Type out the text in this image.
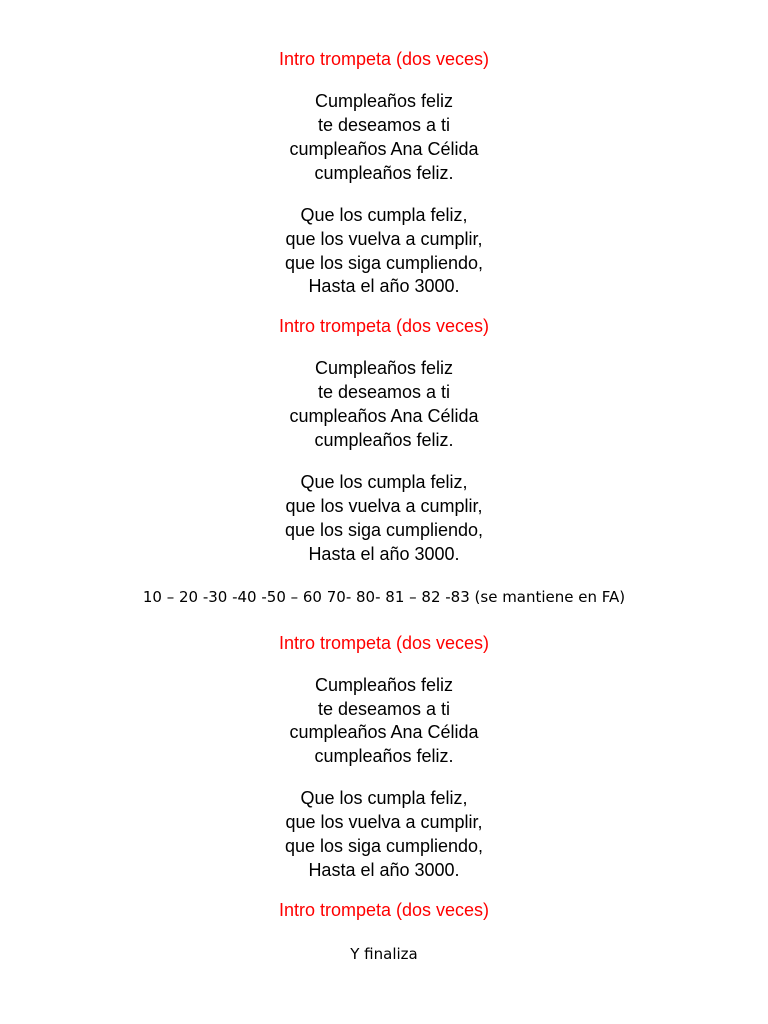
Intro trompeta (dos veces)

Cumpleaños feliz

te deseamos a ti

cumpleaños Ana Célida

cumpleaños feliz.

Que los cumpla feliz,

que los vuelva a cumplir,

que los siga cumpliendo,

Hasta el año 3000.

Intro trompeta (dos veces)

Cumpleaños feliz

te deseamos a ti

cumpleaños Ana Célida

cumpleaños feliz.

Que los cumpla feliz,

que los vuelva a cumplir,

que los siga cumpliendo,

Hasta el año 3000.

10 – 20 -30 -40 -50 – 60 70- 80- 81 – 82 -83 (se mantiene en FA)

Intro trompeta (dos veces)

Cumpleaños feliz

te deseamos a ti

cumpleaños Ana Célida

cumpleaños feliz.

Que los cumpla feliz,

que los vuelva a cumplir,

que los siga cumpliendo,

Hasta el año 3000.

Intro trompeta (dos veces)

Y finaliza
